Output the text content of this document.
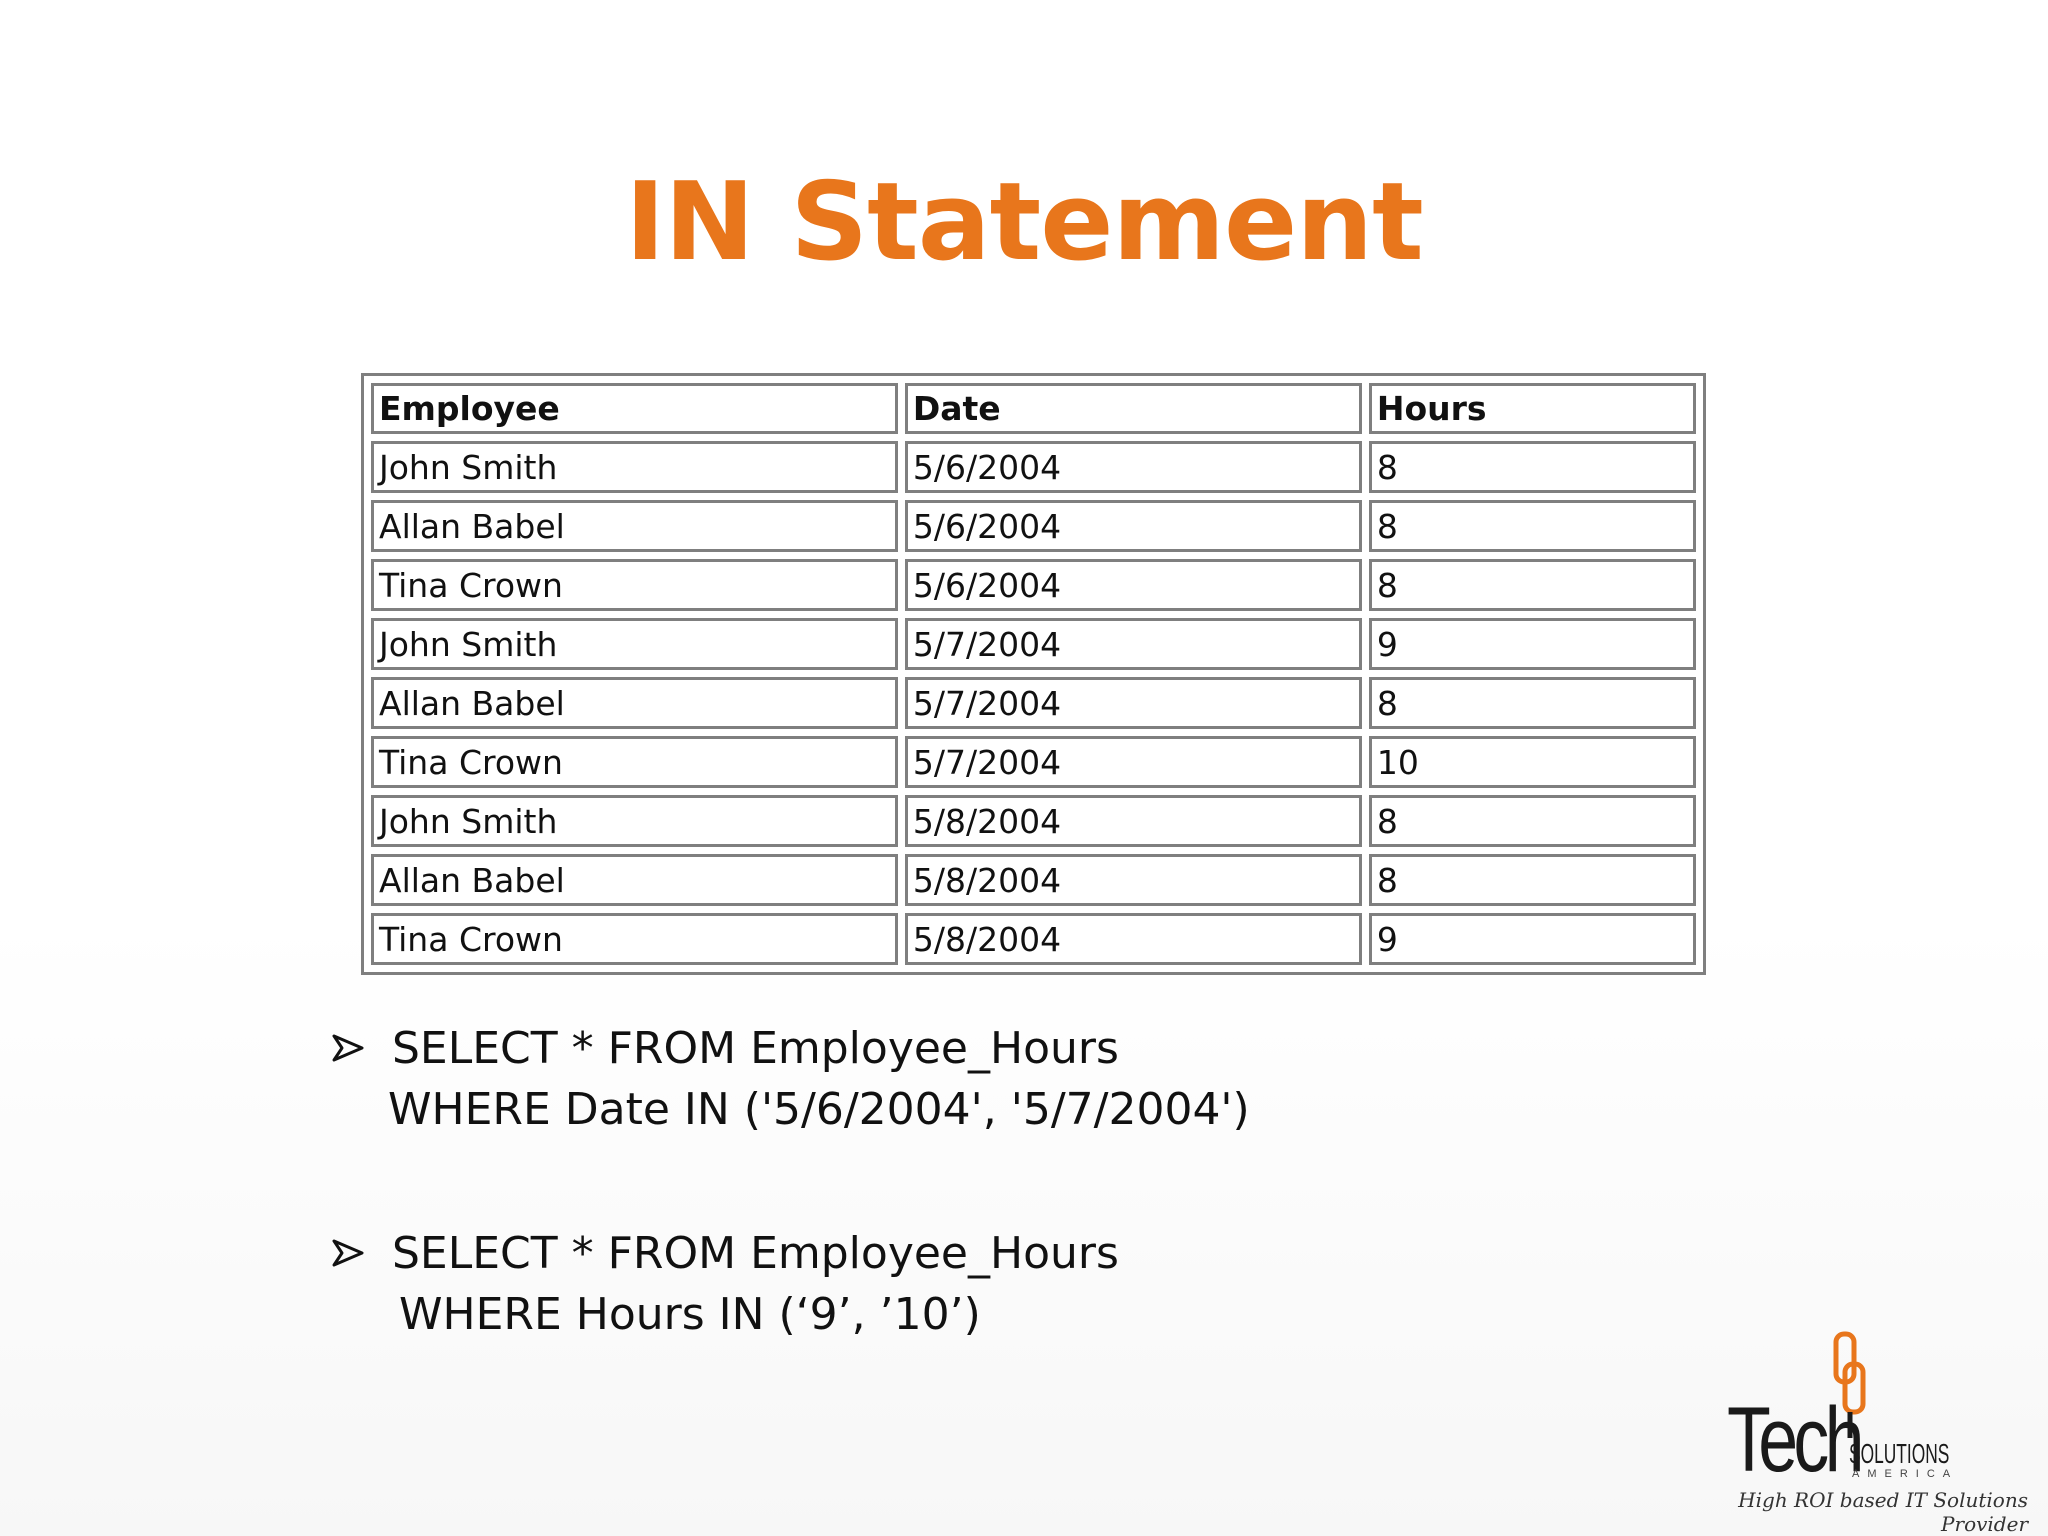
IN Statement
Employee	Date	Hours
John Smith	5/6/2004	8
Allan Babel	5/6/2004	8
Tina Crown	5/6/2004	8
John Smith	5/7/2004	9
Allan Babel	5/7/2004	8
Tina Crown	5/7/2004	10
John Smith	5/8/2004	8
Allan Babel	5/8/2004	8
Tina Crown	5/8/2004	9
SELECT * FROM Employee_Hours
WHERE Date IN ('5/6/2004', '5/7/2004')
SELECT * FROM Employee_Hours
WHERE Hours IN (‘9’, ’10’)
Tech
SOLUTIONS
AMERICA
High ROI based IT Solutions Provider
